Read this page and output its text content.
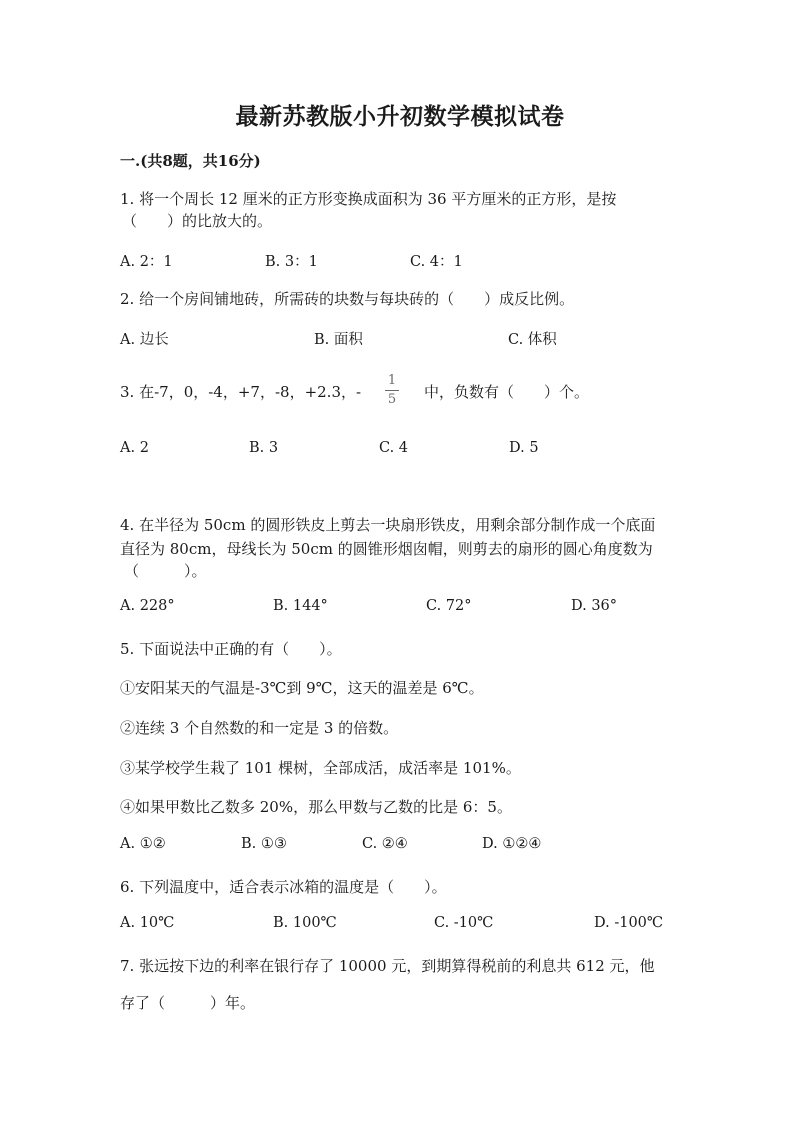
最新苏教版小升初数学模拟试卷
一.(共8题，共16分)
1. 将一个周长 12 厘米的正方形变换成面积为 36 平方厘米的正方形，是按
（　　）的比放大的。
A. 2：1	B. 3：1	C. 4：1
2. 给一个房间铺地砖，所需砖的块数与每块砖的（　　）成反比例。
A. 边长	B. 面积	C. 体积
3. 在-7，0，-4，+7，-8，+2.3，-
1
5	中，负数有（　　）个。
A. 2	B. 3	C. 4	D. 5
4. 在半径为 50cm 的圆形铁皮上剪去一块扇形铁皮，用剩余部分制作成一个底面
直径为 80cm，母线长为 50cm 的圆锥形烟囱帽，则剪去的扇形的圆心角度数为
（　　　）。
A. 228°	B. 144°	C. 72°	D. 36°
5. 下面说法中正确的有（　　）。
①安阳某天的气温是-3℃到 9℃，这天的温差是 6℃。
②连续 3 个自然数的和一定是 3 的倍数。
③某学校学生栽了 101 棵树，全部成活，成活率是 101%。
④如果甲数比乙数多 20%，那么甲数与乙数的比是 6：5。
A. ①②	B. ①③	C. ②④	D. ①②④
6. 下列温度中，适合表示冰箱的温度是（　　）。
A. 10℃	B. 100℃	C. -10℃	D. -100℃
7. 张远按下边的利率在银行存了 10000 元，到期算得税前的利息共 612 元，他
存了（　　　）年。
